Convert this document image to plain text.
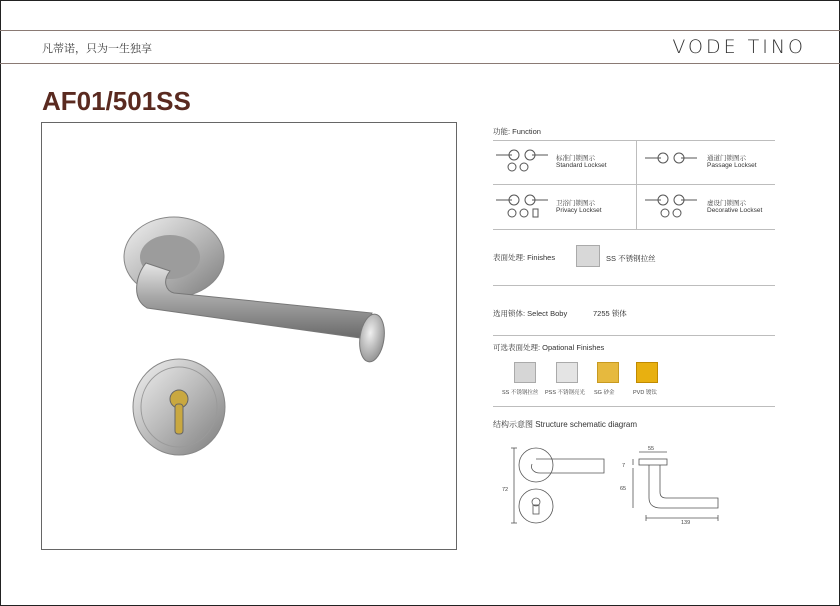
凡蒂诺，只为一生独享	VODE TINO
AF01/501SS
功能: Function
标准门锁图示
Standard Lockset
通道门锁图示
Passage Lockset
卫浴门锁图示
Privacy Lockset
虚设门锁图示
Decorative Lockset
表面处理: Finishes	SS 不锈钢拉丝
选用锁体: Select Boby	7255 锁体
可选表面处理: Opational Finishes
SS 不锈钢拉丝 PSS 不锈钢亮光 SG 砂金	PVD 镀钛
结构示意图 Structure schematic diagram
55
7
65
139
72
